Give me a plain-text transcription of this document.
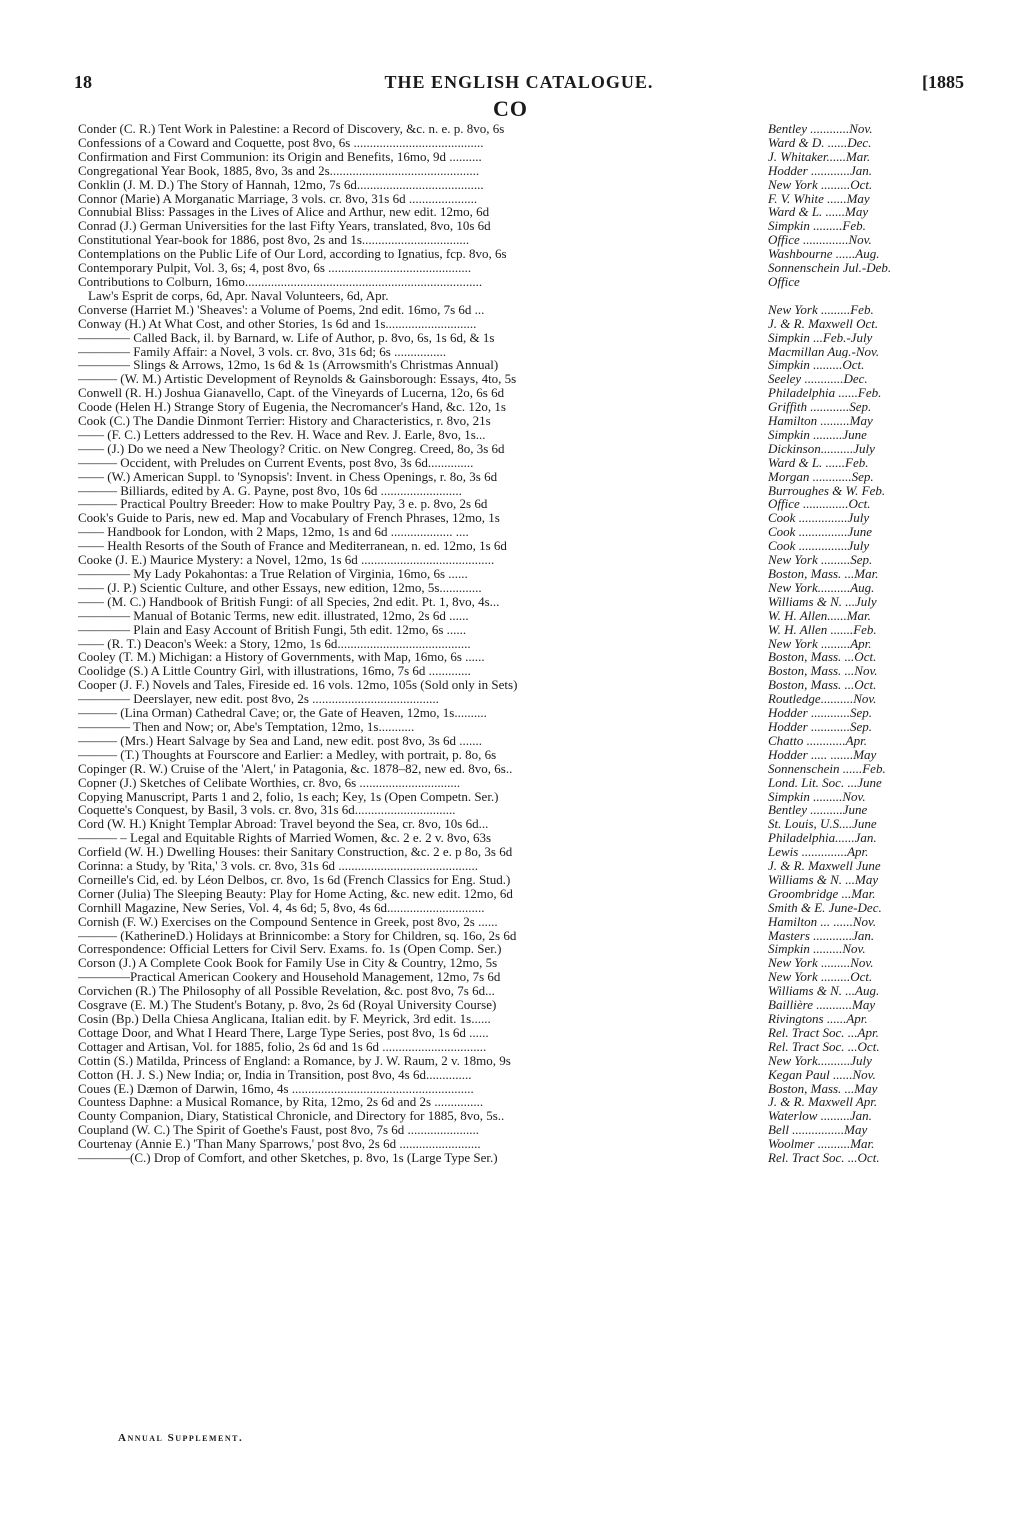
18	THE ENGLISH CATALOGUE.	[1885
CO
Conder (C. R.) Tent Work in Palestine: a Record of Discovery, &c. n. e. p. 8vo, 6s	Bentley ............Nov.
Confessions of a Coward and Coquette, post 8vo, 6s ........................................	Ward & D. ......Dec.
Confirmation and First Communion: its Origin and Benefits, 16mo, 9d ..........	J. Whitaker......Mar.
Congregational Year Book, 1885, 8vo, 3s and 2s..............................................	Hodder ............Jan.
Conklin (J. M. D.) The Story of Hannah, 12mo, 7s 6d.......................................	New York .........Oct.
Connor (Marie) A Morganatic Marriage, 3 vols. cr. 8vo, 31s 6d .....................	F. V. White ......May
Connubial Bliss: Passages in the Lives of Alice and Arthur, new edit. 12mo, 6d	Ward & L. ......May
Conrad (J.) German Universities for the last Fifty Years, translated, 8vo, 10s 6d	Simpkin .........Feb.
Constitutional Year-book for 1886, post 8vo, 2s and 1s.................................	Office ..............Nov.
Contemplations on the Public Life of Our Lord, according to Ignatius, fcp. 8vo, 6s	Washbourne ......Aug.
Contemporary Pulpit, Vol. 3, 6s; 4, post 8vo, 6s ............................................	Sonnenschein Jul.-Deb.
Contributions to Colburn, 16mo.........................................................................	Office
Law's Esprit de corps, 6d, Apr. Naval Volunteers, 6d, Apr.
Converse (Harriet M.) 'Sheaves': a Volume of Poems, 2nd edit. 16mo, 7s 6d ...	New York .........Feb.
Conway (H.) At What Cost, and other Stories, 1s 6d and 1s............................	J. & R. Maxwell Oct.
———— Called Back, il. by Barnard, w. Life of Author, p. 8vo, 6s, 1s 6d, & 1s	Simpkin ...Feb.-July
———— Family Affair: a Novel, 3 vols. cr. 8vo, 31s 6d; 6s ................	Macmillan Aug.-Nov.
———— Slings & Arrows, 12mo, 1s 6d & 1s (Arrowsmith's Christmas Annual)	Simpkin .........Oct.
——— (W. M.) Artistic Development of Reynolds & Gainsborough: Essays, 4to, 5s	Seeley ............Dec.
Conwell (R. H.) Joshua Gianavello, Capt. of the Vineyards of Lucerna, 12o, 6s 6d	Philadelphia ......Feb.
Coode (Helen H.) Strange Story of Eugenia, the Necromancer's Hand, &c. 12o, 1s	Griffith ............Sep.
Cook (C.) The Dandie Dinmont Terrier: History and Characteristics, r. 8vo, 21s	Hamilton .........May
—— (F. C.) Letters addressed to the Rev. H. Wace and Rev. J. Earle, 8vo, 1s...	Simpkin .........June
—— (J.) Do we need a New Theology? Critic. on New Congreg. Creed, 8o, 3s 6d	Dickinson..........July
——— Occident, with Preludes on Current Events, post 8vo, 3s 6d..............	Ward & L. ......Feb.
—— (W.) American Suppl. to 'Synopsis': Invent. in Chess Openings, r. 8o, 3s 6d	Morgan ............Sep.
——— Billiards, edited by A. G. Payne, post 8vo, 10s 6d .........................	Burroughes & W. Feb.
——— Practical Poultry Breeder: How to make Poultry Pay, 3 e. p. 8vo, 2s 6d	Office ..............Oct.
Cook's Guide to Paris, new ed. Map and Vocabulary of French Phrases, 12mo, 1s	Cook ...............July
—— Handbook for London, with 2 Maps, 12mo, 1s and 6d ................... ....	Cook ...............June
—— Health Resorts of the South of France and Mediterranean, n. ed. 12mo, 1s 6d	Cook ...............July
Cooke (J. E.) Maurice Mystery: a Novel, 12mo, 1s 6d .........................................	New York .........Sep.
———— My Lady Pokahontas: a True Relation of Virginia, 16mo, 6s ......	Boston, Mass. ...Mar.
—— (J. P.) Scientic Culture, and other Essays, new edition, 12mo, 5s.............	New York..........Aug.
—— (M. C.) Handbook of British Fungi: of all Species, 2nd edit. Pt. 1, 8vo, 4s...	Williams & N. ...July
———— Manual of Botanic Terms, new edit. illustrated, 12mo, 2s 6d ......	W. H. Allen......Mar.
———— Plain and Easy Account of British Fungi, 5th edit. 12mo, 6s ......	W. H. Allen .......Feb.
—— (R. T.) Deacon's Week: a Story, 12mo, 1s 6d.........................................	New York .........Apr.
Cooley (T. M.) Michigan: a History of Governments, with Map, 16mo, 6s ......	Boston, Mass. ...Oct.
Coolidge (S.) A Little Country Girl, with illustrations, 16mo, 7s 6d .............	Boston, Mass. ...Nov.
Cooper (J. F.) Novels and Tales, Fireside ed. 16 vols. 12mo, 105s (Sold only in Sets)	Boston, Mass. ...Oct.
———— Deerslayer, new edit. post 8vo, 2s .......................................	Routledge..........Nov.
——— (Lina Orman) Cathedral Cave; or, the Gate of Heaven, 12mo, 1s..........	Hodder ............Sep.
———— Then and Now; or, Abe's Temptation, 12mo, 1s...........	Hodder ............Sep.
——— (Mrs.) Heart Salvage by Sea and Land, new edit. post 8vo, 3s 6d .......	Chatto ............Apr.
——— (T.) Thoughts at Fourscore and Earlier: a Medley, with portrait, p. 8o, 6s	Hodder ..... .......May
Copinger (R. W.) Cruise of the 'Alert,' in Patagonia, &c. 1878–82, new ed. 8vo, 6s..	Sonnenschein ......Feb.
Copner (J.) Sketches of Celibate Worthies, cr. 8vo, 6s ...............................	Lond. Lit. Soc. ...June
Copying Manuscript, Parts 1 and 2, folio, 1s each; Key, 1s (Open Competn. Ser.)	Simpkin .........Nov.
Coquette's Conquest, by Basil, 3 vols. cr. 8vo, 31s 6d...............................	Bentley ..........June
Cord (W. H.) Knight Templar Abroad: Travel beyond the Sea, cr. 8vo, 10s 6d...	St. Louis, U.S....June
——— – Legal and Equitable Rights of Married Women, &c. 2 e. 2 v. 8vo, 63s	Philadelphia......Jan.
Corfield (W. H.) Dwelling Houses: their Sanitary Construction, &c. 2 e. p 8o, 3s 6d	Lewis ..............Apr.
Corinna: a Study, by 'Rita,' 3 vols. cr. 8vo, 31s 6d ...........................................	J. & R. Maxwell June
Corneille's Cid, ed. by Léon Delbos, cr. 8vo, 1s 6d (French Classics for Eng. Stud.)	Williams & N. ...May
Corner (Julia) The Sleeping Beauty: Play for Home Acting, &c. new edit. 12mo, 6d	Groombridge ...Mar.
Cornhill Magazine, New Series, Vol. 4, 4s 6d; 5, 8vo, 4s 6d..............................	Smith & E. June-Dec.
Cornish (F. W.) Exercises on the Compound Sentence in Greek, post 8vo, 2s ......	Hamilton ... ......Nov.
——— (KatherineD.) Holidays at Brinnicombe: a Story for Children, sq. 16o, 2s 6d	Masters ............Jan.
Correspondence: Official Letters for Civil Serv. Exams. fo. 1s (Open Comp. Ser.)	Simpkin .........Nov.
Corson (J.) A Complete Cook Book for Family Use in City & Country, 12mo, 5s	New York .........Nov.
————Practical American Cookery and Household Management, 12mo, 7s 6d	New York .........Oct.
Corvichen (R.) The Philosophy of all Possible Revelation, &c. post 8vo, 7s 6d...	Williams & N. ...Aug.
Cosgrave (E. M.) The Student's Botany, p. 8vo, 2s 6d (Royal University Course)	Baillière ...........May
Cosin (Bp.) Della Chiesa Anglicana, Italian edit. by F. Meyrick, 3rd edit. 1s......	Rivingtons ......Apr.
Cottage Door, and What I Heard There, Large Type Series, post 8vo, 1s 6d ......	Rel. Tract Soc. ...Apr.
Cottager and Artisan, Vol. for 1885, folio, 2s 6d and 1s 6d ................................	Rel. Tract Soc. ...Oct.
Cottin (S.) Matilda, Princess of England: a Romance, by J. W. Raum, 2 v. 18mo, 9s	New York..........July
Cotton (H. J. S.) New India; or, India in Transition, post 8vo, 4s 6d..............	Kegan Paul ......Nov.
Coues (E.) Dæmon of Darwin, 16mo, 4s ........................................................	Boston, Mass. ...May
Countess Daphne: a Musical Romance, by Rita, 12mo, 2s 6d and 2s ...............	J. & R. Maxwell Apr.
County Companion, Diary, Statistical Chronicle, and Directory for 1885, 8vo, 5s..	Waterlow .........Jan.
Coupland (W. C.) The Spirit of Goethe's Faust, post 8vo, 7s 6d ......................	Bell ................May
Courtenay (Annie E.) 'Than Many Sparrows,' post 8vo, 2s 6d .........................	Woolmer ..........Mar.
————(C.) Drop of Comfort, and other Sketches, p. 8vo, 1s (Large Type Ser.)	Rel. Tract Soc. ...Oct.
Annual Supplement.
